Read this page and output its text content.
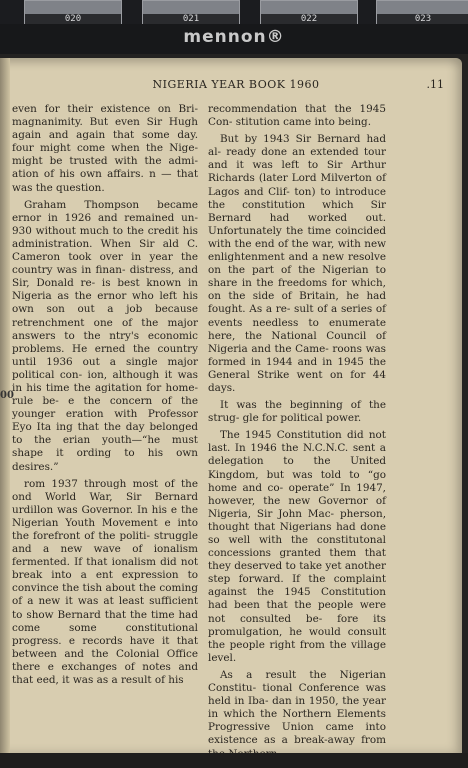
020	021	022	023
mennon®
00
NIGERIA YEAR BOOK 1960	.11

even for their existence on Bri- magnanimity. But even Sir Hugh again and again that some day. four might come when the Nige- might be trusted with the admi- ation of his own affairs. n — that was the question.

Graham Thompson became ernor in 1926 and remained un- 930 without much to the credit his administration. When Sir ald C. Cameron took over in year the country was in finan- distress, and Sir, Donald re- is best known in Nigeria as the ernor who left his own son out a job because retrenchment one of the major answers to the ntry's economic problems. He erned the country until 1936 out a single major political con- ion, although it was in his time the agitation for home-rule be- e the concern of the younger eration with Professor Eyo Ita ing that the day belonged to the erian youth—“he must shape it ording to his own desires.”

rom 1937 through most of the ond World War, Sir Bernard urdillon was Governor. In his e the Nigerian Youth Movement e into the forefront of the politi- struggle and a new wave of ionalism fermented. If that ionalism did not break into a ent expression to convince the tish about the coming of a new it was at least sufficient to show Bernard that the time had come some constitutional progress. e records have it that between and the Colonial Office there e exchanges of notes and that eed, it was as a result of his

recommendation that the 1945 Con- stitution came into being.

But by 1943 Sir Bernard had al- ready done an extended tour and it was left to Sir Arthur Richards (later Lord Milverton of Lagos and Clif- ton) to introduce the constitution which Sir Bernard had worked out. Unfortunately the time coincided with the end of the war, with new enlightenment and a new resolve on the part of the Nigerian to share in the freedoms for which, on the side of Britain, he had fought. As a re- sult of a series of events needless to enumerate here, the National Council of Nigeria and the Came- roons was formed in 1944 and in 1945 the General Strike went on for 44 days.

It was the beginning of the strug- gle for political power.

The 1945 Constitution did not last. In 1946 the N.C.N.C. sent a delegation to the United Kingdom, but was told to “go home and co- operate” In 1947, however, the new Governor of Nigeria, Sir John Mac- pherson, thought that Nigerians had done so well with the constitutonal concessions granted them that they deserved to take yet another step forward. If the complaint against the 1945 Constitution had been that the people were not consulted be- fore its promulgation, he would consult the people right from the village level.

As a result the Nigerian Constitu- tional Conference was held in Iba- dan in 1950, the year in which the Northern Elements Progressive Union came into existence as a break-away from
